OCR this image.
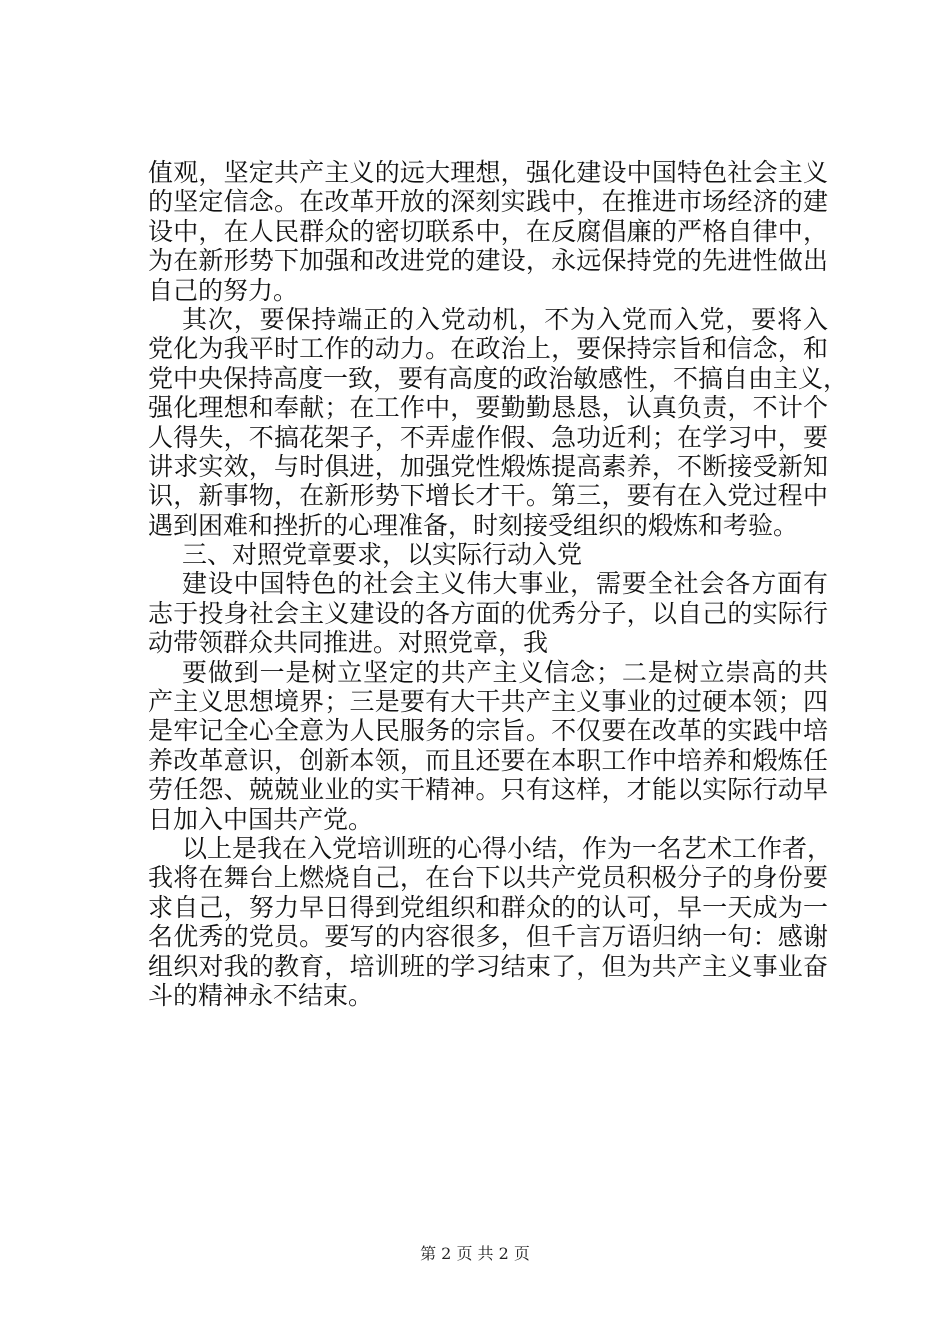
值观，坚定共产主义的远大理想，强化建设中国特色社会主义
的坚定信念。在改革开放的深刻实践中，在推进市场经济的建
设中，在人民群众的密切联系中，在反腐倡廉的严格自律中，
为在新形势下加强和改进党的建设，永远保持党的先进性做出
自己的努力。
其次，要保持端正的入党动机，不为入党而入党，要将入
党化为我平时工作的动力。在政治上，要保持宗旨和信念，和
党中央保持高度一致，要有高度的政治敏感性，不搞自由主义，
强化理想和奉献；在工作中，要勤勤恳恳，认真负责，不计个
人得失，不搞花架子，不弄虚作假、急功近利；在学习中，要
讲求实效，与时俱进，加强党性煅炼提高素养，不断接受新知
识，新事物，在新形势下增长才干。第三，要有在入党过程中
遇到困难和挫折的心理准备，时刻接受组织的煅炼和考验。
三、对照党章要求，以实际行动入党
建设中国特色的社会主义伟大事业，需要全社会各方面有
志于投身社会主义建设的各方面的优秀分子，以自己的实际行
动带领群众共同推进。对照党章，我
要做到一是树立坚定的共产主义信念；二是树立崇高的共
产主义思想境界；三是要有大干共产主义事业的过硬本领；四
是牢记全心全意为人民服务的宗旨。不仅要在改革的实践中培
养改革意识，创新本领，而且还要在本职工作中培养和煅炼任
劳任怨、兢兢业业的实干精神。只有这样，才能以实际行动早
日加入中国共产党。
以上是我在入党培训班的心得小结，作为一名艺术工作者，
我将在舞台上燃烧自己，在台下以共产党员积极分子的身份要
求自己，努力早日得到党组织和群众的的认可，早一天成为一
名优秀的党员。要写的内容很多，但千言万语归纳一句：感谢
组织对我的教育，培训班的学习结束了，但为共产主义事业奋
斗的精神永不结束。
第 2 页 共 2 页
